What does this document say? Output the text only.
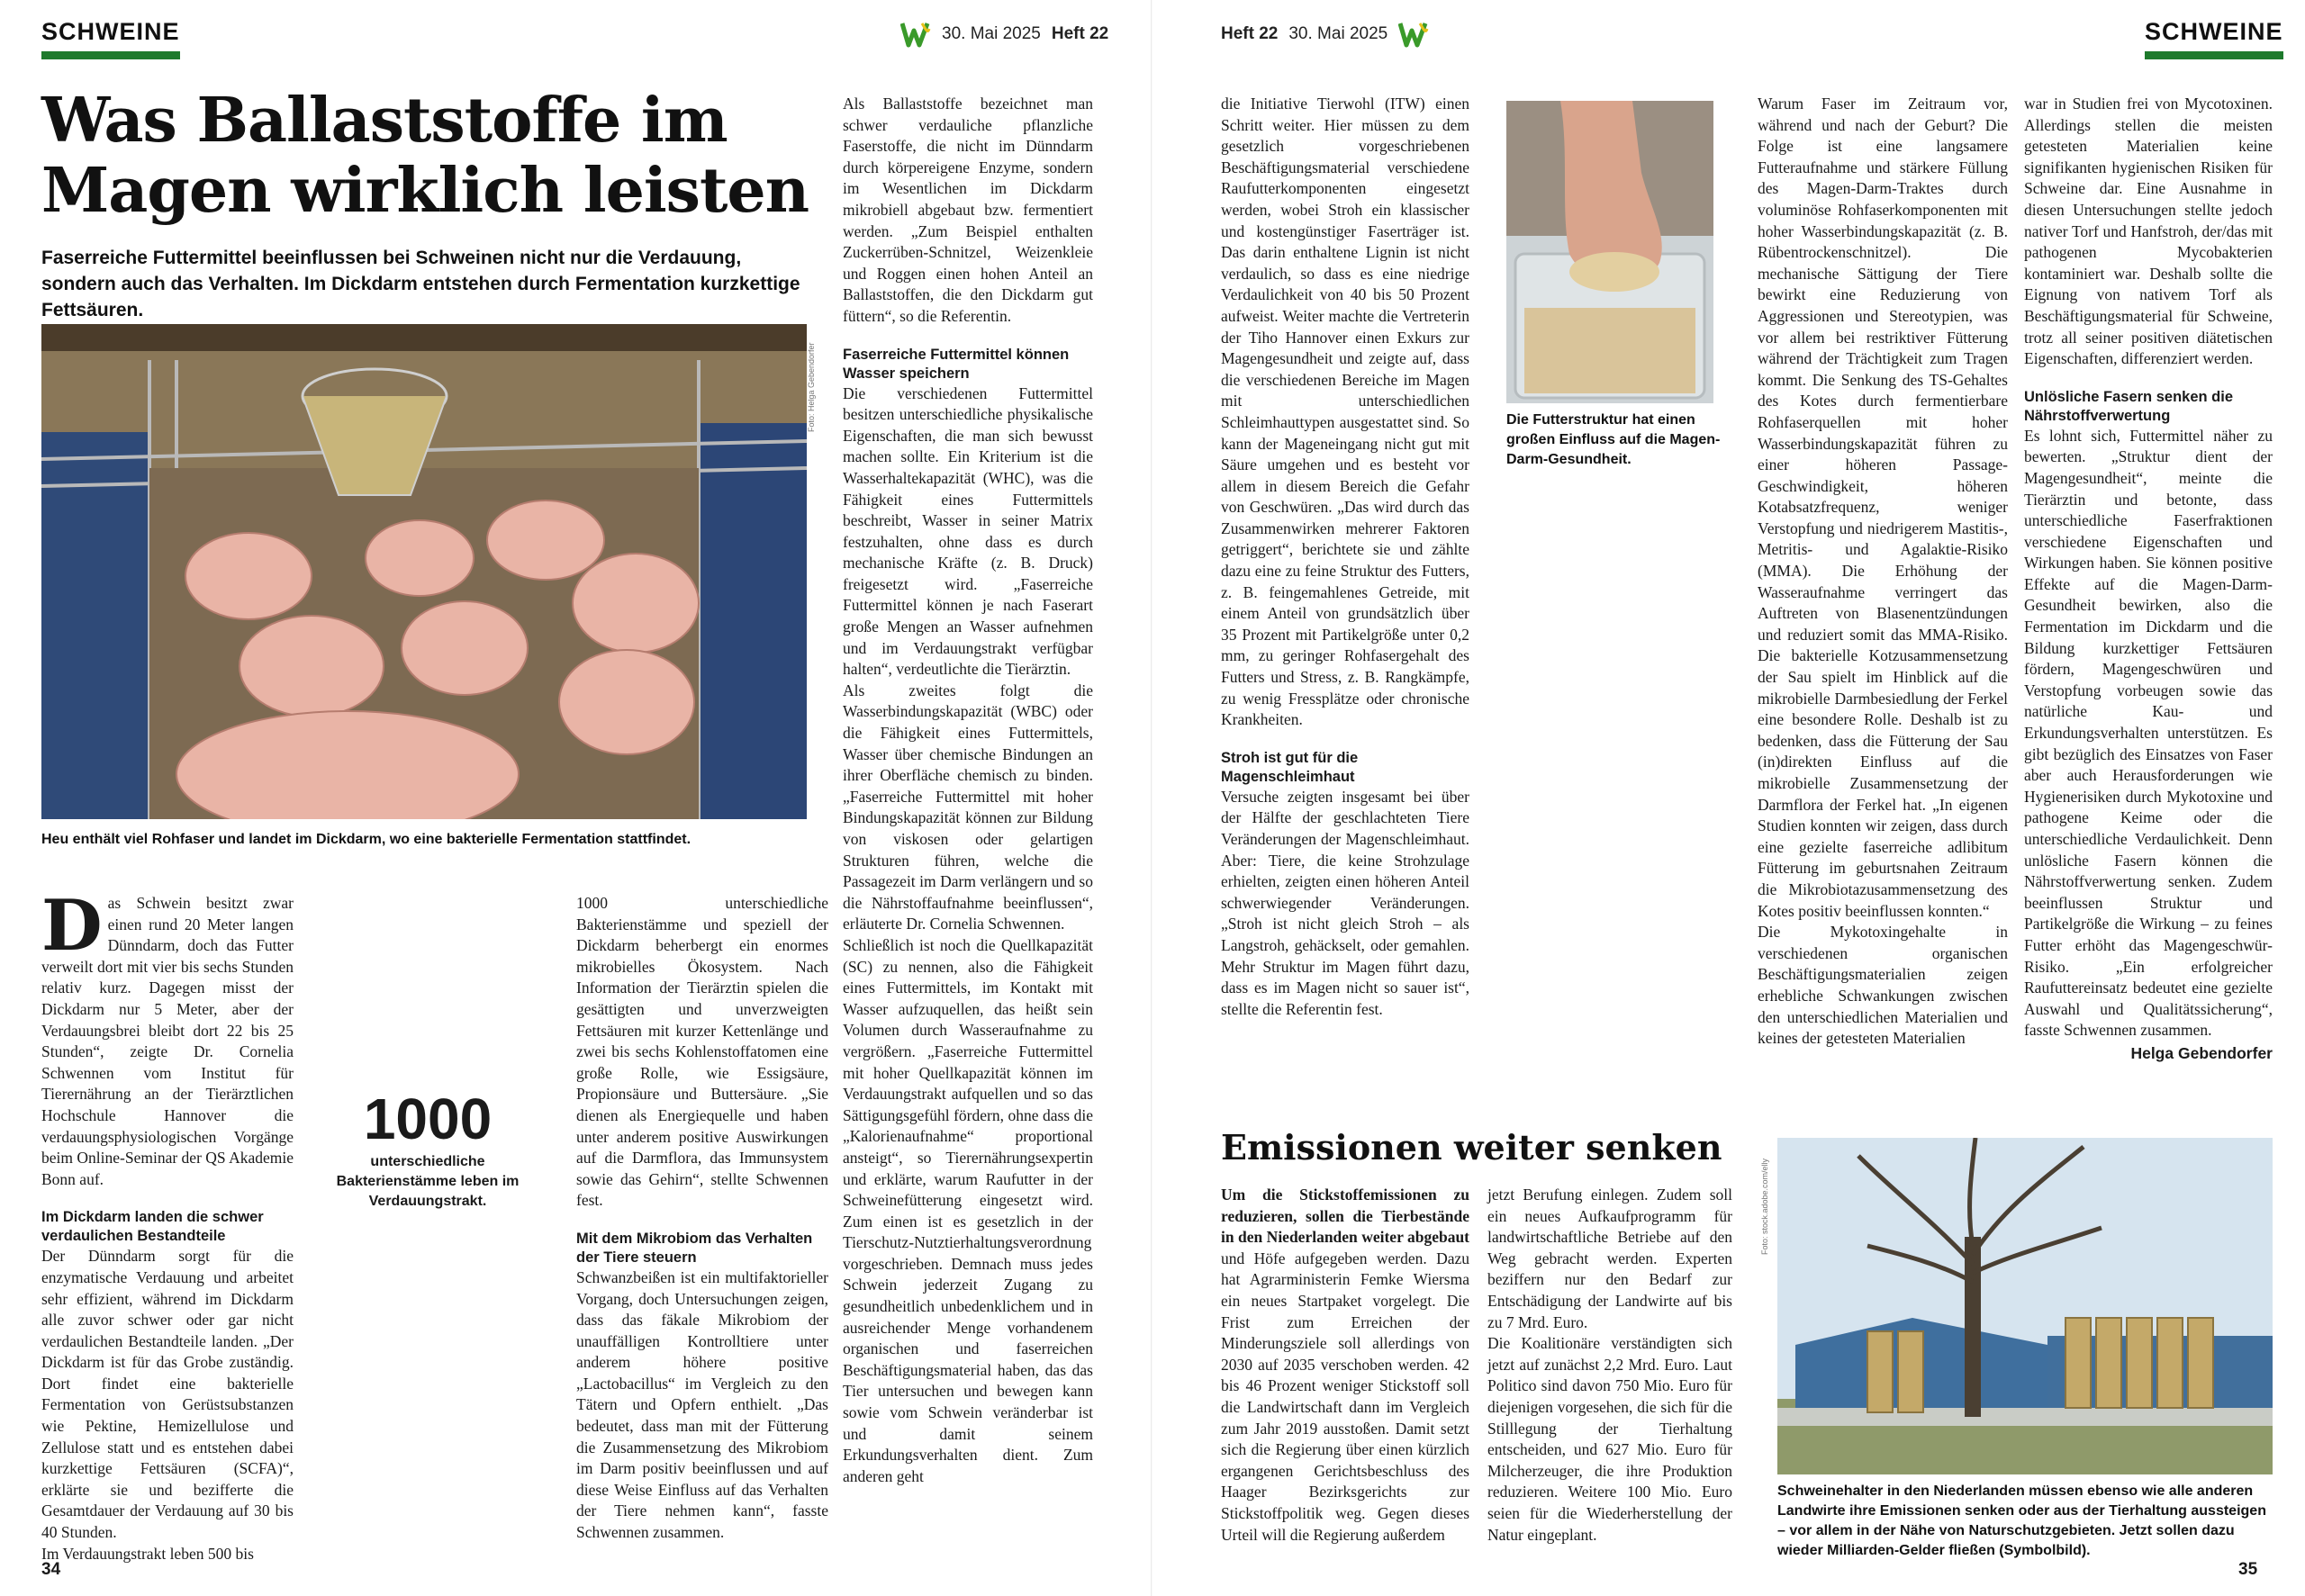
SCHWEINE	30. Mai 2025 Heft 22
Was Ballaststoffe im
Magen wirklich leisten
Faserreiche Futtermittel beeinflussen bei Schweinen nicht nur die Verdauung, sondern auch das Verhalten. Im Dickdarm entstehen durch Fermentation kurzkettige Fettsäuren.
Foto: Helga Gebendorfer
Heu enthält viel Rohfaser und landet im Dickdarm, wo eine bakterielle Fermentation stattfindet.

Das Schwein besitzt zwar einen rund 20 Meter langen Dünndarm, doch das Futter verweilt dort mit vier bis sechs Stunden relativ kurz. Dagegen misst der Dickdarm nur 5 Meter, aber der Verdauungsbrei bleibt dort 22 bis 25 Stunden“, zeigte Dr. Cornelia Schwennen vom Institut für Tierernährung an der Tierärztlichen Hochschule Hannover die verdauungsphysiologischen Vorgänge beim Online-Seminar der QS Akademie Bonn auf.

Im Dickdarm landen die schwer verdaulichen Bestandteile

Der Dünndarm sorgt für die enzymatische Verdauung und arbeitet sehr effizient, während im Dickdarm alle zuvor schwer oder gar nicht verdaulichen Bestandteile landen. „Der Dickdarm ist für das Grobe zuständig. Dort findet eine bakterielle Fermentation von Gerüstsubstanzen wie Pektine, Hemizellulose und Zellulose statt und es entstehen dabei kurzkettige Fettsäuren (SCFA)“, erklärte sie und bezifferte die Gesamtdauer der Verdauung auf 30 bis 40 Stunden.

Im Verdauungstrakt leben 500 bis

1000
unterschiedliche Bakterienstämme leben im Verdauungstrakt.

1000 unterschiedliche Bakterienstämme und speziell der Dickdarm beherbergt ein enormes mikrobielles Ökosystem. Nach Information der Tierärztin spielen die gesättigten und unverzweigten Fettsäuren mit kurzer Kettenlänge und zwei bis sechs Kohlenstoffatomen eine große Rolle, wie Essigsäure, Propionsäure und Buttersäure. „Sie dienen als Energiequelle und haben unter anderem positive Auswirkungen auf die Darmflora, das Immunsystem sowie das Gehirn“, stellte Schwennen fest.

Mit dem Mikrobiom das Verhalten der Tiere steuern

Schwanzbeißen ist ein multifaktorieller Vorgang, doch Untersuchungen zeigen, dass das fäkale Mikrobiom der unauffälligen Kontrolltiere unter anderem höhere positive „Lactobacillus“ im Vergleich zu den Tätern und Opfern enthielt. „Das bedeutet, dass man mit der Fütterung die Zusammensetzung des Mikrobiom im Darm positiv beeinflussen und auf diese Weise Einfluss auf das Verhalten der Tiere nehmen kann“, fasste Schwennen zusammen.

Als Ballaststoffe bezeichnet man schwer verdauliche pflanzliche Faserstoffe, die nicht im Dünndarm durch körpereigene Enzyme, sondern im Wesentlichen im Dickdarm mikrobiell abgebaut bzw. fermentiert werden. „Zum Beispiel enthalten Zuckerrüben-Schnitzel, Weizenkleie und Roggen einen hohen Anteil an Ballaststoffen, die den Dickdarm gut füttern“, so die Referentin.

Faserreiche Futtermittel können Wasser speichern

Die verschiedenen Futtermittel besitzen unterschiedliche physikalische Eigenschaften, die man sich bewusst machen sollte. Ein Kriterium ist die Wasserhaltekapazität (WHC), was die Fähigkeit eines Futtermittels beschreibt, Wasser in seiner Matrix festzuhalten, ohne dass es durch mechanische Kräfte (z. B. Druck) freigesetzt wird. „Faserreiche Futtermittel können je nach Faserart große Mengen an Wasser aufnehmen und im Verdauungstrakt verfügbar halten“, verdeutlichte die Tierärztin.

Als zweites folgt die Wasserbindungskapazität (WBC) oder die Fähigkeit eines Futtermittels, Wasser über chemische Bindungen an ihrer Oberfläche chemisch zu binden. „Faserreiche Futtermittel mit hoher Bindungskapazität können zur Bildung von viskosen oder gelartigen Strukturen führen, welche die Passagezeit im Darm verlängern und so die Nährstoffaufnahme beeinflussen“, erläuterte Dr. Cornelia Schwennen.

Schließlich ist noch die Quellkapazität (SC) zu nennen, also die Fähigkeit eines Futtermittels, im Kontakt mit Wasser aufzuquellen, das heißt sein Volumen durch Wasseraufnahme zu vergrößern. „Faserreiche Futtermittel mit hoher Quellkapazität können im Verdauungstrakt aufquellen und so das Sättigungsgefühl fördern, ohne dass die „Kalorienaufnahme“ proportional ansteigt“, so Tierernährungsexpertin und erklärte, warum Raufutter in der Schweinefütterung eingesetzt wird. Zum einen ist es gesetzlich in der Tierschutz-Nutztierhaltungsverordnung vorgeschrieben. Demnach muss jedes Schwein jederzeit Zugang zu gesundheitlich unbedenklichem und in ausreichender Menge vorhandenem organischen und faserreichen Beschäftigungsmaterial haben, das das Tier untersuchen und bewegen kann sowie vom Schwein veränderbar ist und damit seinem Erkundungsverhalten dient. Zum anderen geht

34
Heft 22 30. Mai 2025	SCHWEINE

die Initiative Tierwohl (ITW) einen Schritt weiter. Hier müssen zu dem gesetzlich vorgeschriebenen Beschäftigungsmaterial verschiedene Raufutterkomponenten eingesetzt werden, wobei Stroh ein klassischer und kostengünstiger Faserträger ist. Das darin enthaltene Lignin ist nicht verdaulich, so dass es eine niedrige Verdaulichkeit von 40 bis 50 Prozent aufweist. Weiter machte die Vertreterin der Tiho Hannover einen Exkurs zur Magengesundheit und zeigte auf, dass die verschiedenen Bereiche im Magen mit unterschiedlichen Schleimhauttypen ausgestattet sind. So kann der Mageneingang nicht gut mit Säure umgehen und es besteht vor allem in diesem Bereich die Gefahr von Geschwüren. „Das wird durch das Zusammenwirken mehrerer Faktoren getriggert“, berichtete sie und zählte dazu eine zu feine Struktur des Futters, z. B. feingemahlenes Getreide, mit einem Anteil von grundsätzlich über 35 Prozent mit Partikelgröße unter 0,2 mm, zu geringer Rohfasergehalt des Futters und Stress, z. B. Rangkämpfe, zu wenig Fressplätze oder chronische Krankheiten.

Stroh ist gut für die Magenschleimhaut

Versuche zeigten insgesamt bei über der Hälfte der geschlachteten Tiere Veränderungen der Magenschleimhaut. Aber: Tiere, die keine Strohzulage erhielten, zeigten einen höheren Anteil schwerwiegender Veränderungen. „Stroh ist nicht gleich Stroh – als Langstroh, gehäckselt, oder gemahlen. Mehr Struktur im Magen führt dazu, dass es im Magen nicht so sauer ist“, stellte die Referentin fest.

Die Futterstruktur hat einen großen Einfluss auf die Magen-Darm-Gesundheit.

Warum Faser im Zeitraum vor, während und nach der Geburt? Die Folge ist eine langsamere Futteraufnahme und stärkere Füllung des Magen-Darm-Traktes durch voluminöse Rohfaserkomponenten mit hoher Wasserbindungskapazität (z. B. Rübentrockenschnitzel). Die mechanische Sättigung der Tiere bewirkt eine Reduzierung von Aggressionen und Stereotypien, was vor allem bei restriktiver Fütterung während der Trächtigkeit zum Tragen kommt. Die Senkung des TS-Gehaltes des Kotes durch fermentierbare Rohfaserquellen mit hoher Wasserbindungskapazität führen zu einer höheren Passage-Geschwindigkeit, höheren Kotabsatzfrequenz, weniger Verstopfung und niedrigerem Mastitis-, Metritis- und Agalaktie-Risiko (MMA). Die Erhöhung der Wasseraufnahme verringert das Auftreten von Blasenentzündungen und reduziert somit das MMA-Risiko. Die bakterielle Kotzusammensetzung der Sau spielt im Hinblick auf die mikrobielle Darmbesiedlung der Ferkel eine besondere Rolle. Deshalb ist zu bedenken, dass die Fütterung der Sau (in)direkten Einfluss auf die mikrobielle Zusammensetzung der Darmflora der Ferkel hat. „In eigenen Studien konnten wir zeigen, dass durch eine gezielte faserreiche adlibitum Fütterung im geburtsnahen Zeitraum die Mikrobiotazusammensetzung des Kotes positiv beeinflussen konnten.“

Die Mykotoxingehalte in verschiedenen organischen Beschäftigungsmaterialien zeigen erhebliche Schwankungen zwischen den unterschiedlichen Materialien und keines der getesteten Materialien

war in Studien frei von Mycotoxinen. Allerdings stellen die meisten getesteten Materialien keine signifikanten hygienischen Risiken für Schweine dar. Eine Ausnahme in diesen Untersuchungen stellte jedoch nativer Torf und Hanfstroh, der/das mit pathogenen Mycobakterien kontaminiert war. Deshalb sollte die Eignung von nativem Torf als Beschäftigungsmaterial für Schweine, trotz all seiner positiven diätetischen Eigenschaften, differenziert werden.

Unlösliche Fasern senken die Nährstoffverwertung

Es lohnt sich, Futtermittel näher zu bewerten. „Struktur dient der Magengesundheit“, meinte die Tierärztin und betonte, dass unterschiedliche Faserfraktionen verschiedene Eigenschaften und Wirkungen haben. Sie können positive Effekte auf die Magen-Darm-Gesundheit bewirken, also die Fermentation im Dickdarm und die Bildung kurzkettiger Fettsäuren fördern, Magengeschwüren und Verstopfung vorbeugen sowie das natürliche Kau- und Erkundungsverhalten unterstützen. Es gibt bezüglich des Einsatzes von Faser aber auch Herausforderungen wie Hygienerisiken durch Mykotoxine und pathogene Keime oder die unterschiedliche Verdaulichkeit. Denn unlösliche Fasern können die Nährstoffverwertung senken. Zudem beeinflussen Struktur und Partikelgröße die Wirkung – zu feines Futter erhöht das Magengeschwür-Risiko. „Ein erfolgreicher Raufuttereinsatz bedeutet eine gezielte Auswahl und Qualitätssicherung“, fasste Schwennen zusammen.

Helga Gebendorfer
Emissionen weiter senken

Um die Stickstoffemissionen zu reduzieren, sollen die Tierbestände in den Niederlanden weiter abgebaut und Höfe aufgegeben werden. Dazu hat Agrarministerin Femke Wiersma ein neues Startpaket vorgelegt. Die Frist zum Erreichen der Minderungsziele soll allerdings von 2030 auf 2035 verschoben werden. 42 bis 46 Prozent weniger Stickstoff soll die Landwirtschaft dann im Vergleich zum Jahr 2019 ausstoßen. Damit setzt sich die Regierung über einen kürzlich ergangenen Gerichtsbeschluss des Haager Bezirksgerichts zur Stickstoffpolitik weg. Gegen dieses Urteil will die Regierung außerdem

jetzt Berufung einlegen. Zudem soll ein neues Aufkaufprogramm für landwirtschaftliche Betriebe auf den Weg gebracht werden. Experten beziffern nur den Bedarf zur Entschädigung der Landwirte auf bis zu 7 Mrd. Euro.

Die Koalitionäre verständigten sich jetzt auf zunächst 2,2 Mrd. Euro. Laut Politico sind davon 750 Mio. Euro für diejenigen vorgesehen, die sich für die Stilllegung der Tierhaltung entscheiden, und 627 Mio. Euro für Milcherzeuger, die ihre Produktion reduzieren. Weitere 100 Mio. Euro seien für die Wiederherstellung der Natur eingeplant.

Foto: stock.adobe.com/elly
Schweinehalter in den Niederlanden müssen ebenso wie alle anderen Landwirte ihre Emissionen senken oder aus der Tierhaltung aussteigen – vor allem in der Nähe von Naturschutzgebieten. Jetzt sollen dazu wieder Milliarden-Gelder fließen (Symbolbild).
35
